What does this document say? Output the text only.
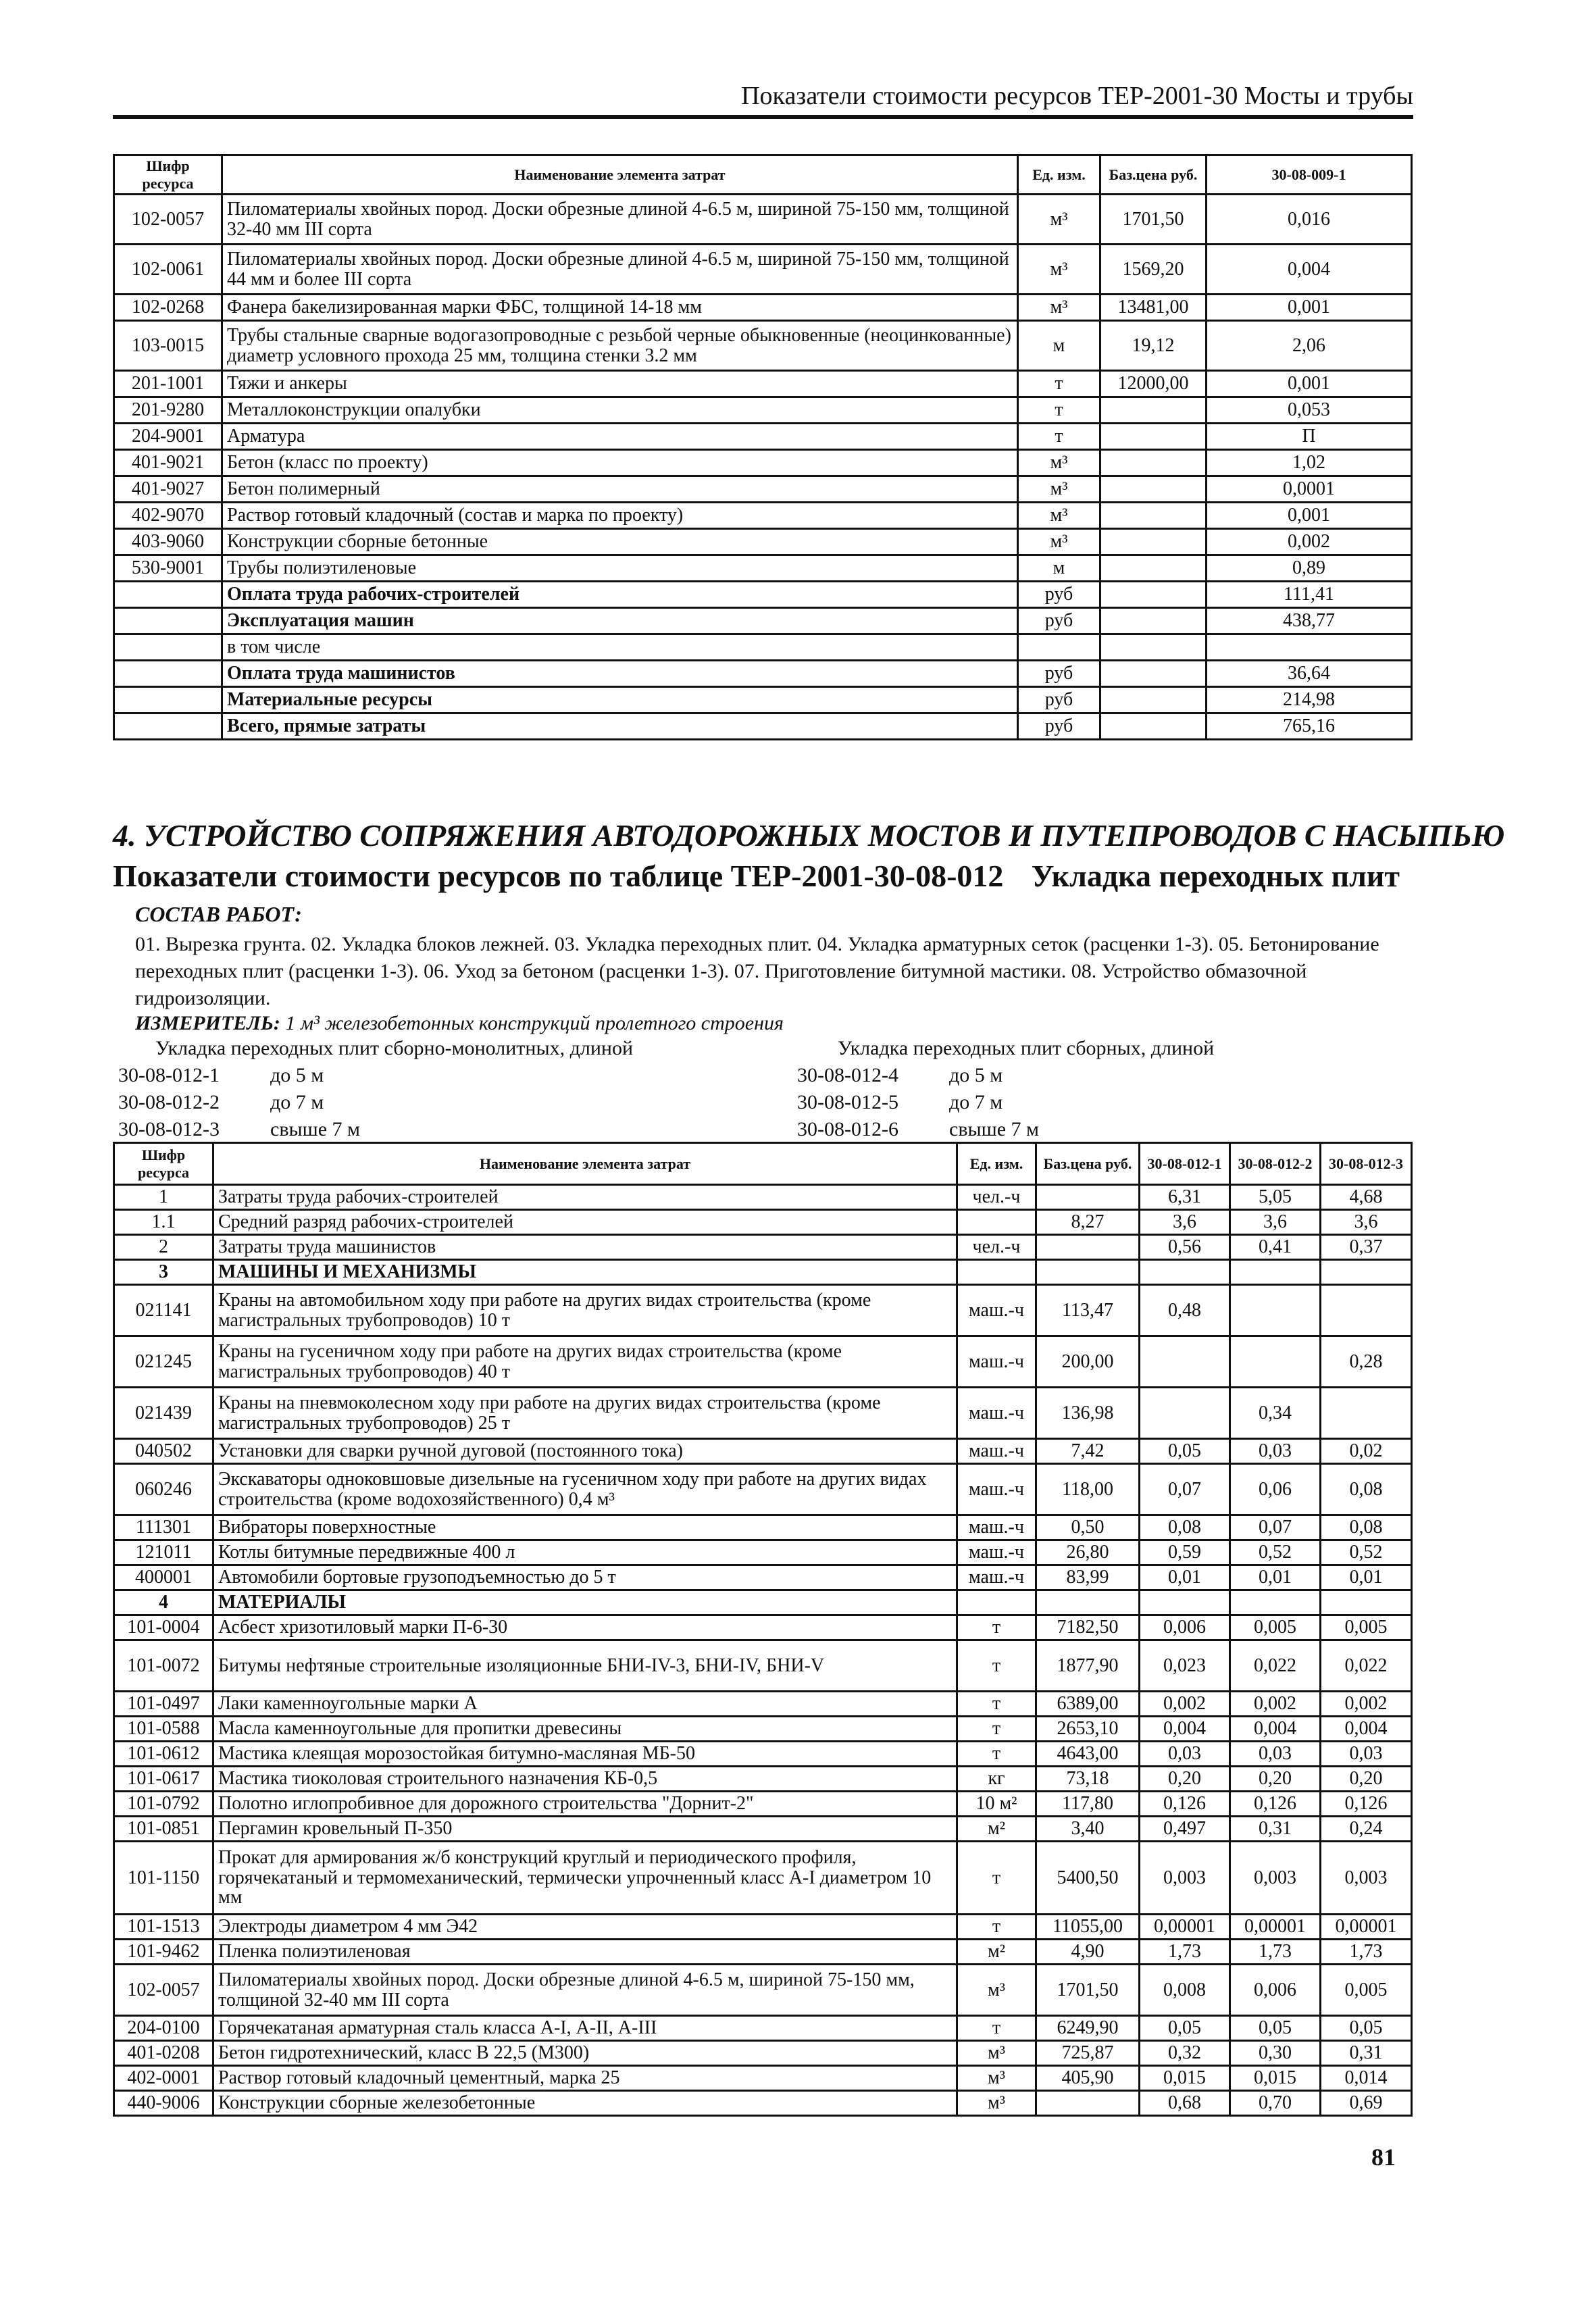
Показатели стоимости ресурсов ТЕР-2001-30 Мосты и трубы
Шифр ресурса	Наименование элемента затрат	Ед. изм.	Баз.цена руб.	30-08-009-1
102-0057	Пиломатериалы хвойных пород. Доски обрезные длиной 4-6.5 м, шириной 75-150 мм, толщиной 32-40 мм III сорта	м³	1701,50	0,016
102-0061	Пиломатериалы хвойных пород. Доски обрезные длиной 4-6.5 м, шириной 75-150 мм, толщиной 44 мм и более III сорта	м³	1569,20	0,004
102-0268	Фанера бакелизированная марки ФБС, толщиной 14-18 мм	м³	13481,00	0,001
103-0015	Трубы стальные сварные водогазопроводные с резьбой черные обыкновенные (неоцинкованные) диаметр условного прохода 25 мм, толщина стенки 3.2 мм	м	19,12	2,06
201-1001	Тяжи и анкеры	т	12000,00	0,001
201-9280	Металлоконструкции опалубки	т		0,053
204-9001	Арматура	т		П
401-9021	Бетон (класс по проекту)	м³		1,02
401-9027	Бетон полимерный	м³		0,0001
402-9070	Раствор готовый кладочный (состав и марка по проекту)	м³		0,001
403-9060	Конструкции сборные бетонные	м³		0,002
530-9001	Трубы полиэтиленовые	м		0,89
	Оплата труда рабочих-строителей	руб		111,41
	Эксплуатация машин	руб		438,77
	в том числе			
	Оплата труда машинистов	руб		36,64
	Материальные ресурсы	руб		214,98
	Всего, прямые затраты	руб		765,16
4. УСТРОЙСТВО СОПРЯЖЕНИЯ АВТОДОРОЖНЫХ МОСТОВ И ПУТЕПРОВОДОВ С НАСЫПЬЮ
Показатели стоимости ресурсов по таблице ТЕР-2001-30-08-012 Укладка переходных плит
СОСТАВ РАБОТ:
01. Вырезка грунта. 02. Укладка блоков лежней. 03. Укладка переходных плит. 04. Укладка арматурных сеток (расценки 1-3). 05. Бетонирование переходных плит (расценки 1-3). 06. Уход за бетоном (расценки 1-3). 07. Приготовление битумной мастики. 08. Устройство обмазочной гидроизоляции.
ИЗМЕРИТЕЛЬ: 1 м³ железобетонных конструкций пролетного строения
Укладка переходных плит сборно-монолитных, длиной	Укладка переходных плит сборных, длиной
30-08-012-1	до 5 м
30-08-012-2	до 7 м
30-08-012-3	свыше 7 м
30-08-012-4	до 5 м
30-08-012-5	до 7 м
30-08-012-6	свыше 7 м
Шифр ресурса	Наименование элемента затрат	Ед. изм.	Баз.цена руб.	30-08-012-1	30-08-012-2	30-08-012-3
1	Затраты труда рабочих-строителей	чел.-ч		6,31	5,05	4,68
1.1	Средний разряд рабочих-строителей		8,27	3,6	3,6	3,6
2	Затраты труда машинистов	чел.-ч		0,56	0,41	0,37
3	МАШИНЫ И МЕХАНИЗМЫ					
021141	Краны на автомобильном ходу при работе на других видах строительства (кроме магистральных трубопроводов) 10 т	маш.-ч	113,47	0,48		
021245	Краны на гусеничном ходу при работе на других видах строительства (кроме магистральных трубопроводов) 40 т	маш.-ч	200,00			0,28
021439	Краны на пневмоколесном ходу при работе на других видах строительства (кроме магистральных трубопроводов) 25 т	маш.-ч	136,98		0,34	
040502	Установки для сварки ручной дуговой (постоянного тока)	маш.-ч	7,42	0,05	0,03	0,02
060246	Экскаваторы одноковшовые дизельные на гусеничном ходу при работе на других видах строительства (кроме водохозяйственного) 0,4 м³	маш.-ч	118,00	0,07	0,06	0,08
111301	Вибраторы поверхностные	маш.-ч	0,50	0,08	0,07	0,08
121011	Котлы битумные передвижные 400 л	маш.-ч	26,80	0,59	0,52	0,52
400001	Автомобили бортовые грузоподъемностью до 5 т	маш.-ч	83,99	0,01	0,01	0,01
4	МАТЕРИАЛЫ					
101-0004	Асбест хризотиловый марки П-6-30	т	7182,50	0,006	0,005	0,005
101-0072	Битумы нефтяные строительные изоляционные БНИ-IV-3, БНИ-IV, БНИ-V	т	1877,90	0,023	0,022	0,022
101-0497	Лаки каменноугольные марки А	т	6389,00	0,002	0,002	0,002
101-0588	Масла каменноугольные для пропитки древесины	т	2653,10	0,004	0,004	0,004
101-0612	Мастика клеящая морозостойкая битумно-масляная МБ-50	т	4643,00	0,03	0,03	0,03
101-0617	Мастика тиоколовая строительного назначения КБ-0,5	кг	73,18	0,20	0,20	0,20
101-0792	Полотно иглопробивное для дорожного строительства "Дорнит-2"	10 м²	117,80	0,126	0,126	0,126
101-0851	Пергамин кровельный П-350	м²	3,40	0,497	0,31	0,24
101-1150	Прокат для армирования ж/б конструкций круглый и периодического профиля, горячекатаный и термомеханический, термически упрочненный класс А-I диаметром 10 мм	т	5400,50	0,003	0,003	0,003
101-1513	Электроды диаметром 4 мм Э42	т	11055,00	0,00001	0,00001	0,00001
101-9462	Пленка полиэтиленовая	м²	4,90	1,73	1,73	1,73
102-0057	Пиломатериалы хвойных пород. Доски обрезные длиной 4-6.5 м, шириной 75-150 мм, толщиной 32-40 мм III сорта	м³	1701,50	0,008	0,006	0,005
204-0100	Горячекатаная арматурная сталь класса А-I, А-II, А-III	т	6249,90	0,05	0,05	0,05
401-0208	Бетон гидротехнический, класс В 22,5 (М300)	м³	725,87	0,32	0,30	0,31
402-0001	Раствор готовый кладочный цементный, марка 25	м³	405,90	0,015	0,015	0,014
440-9006	Конструкции сборные железобетонные	м³		0,68	0,70	0,69
81
